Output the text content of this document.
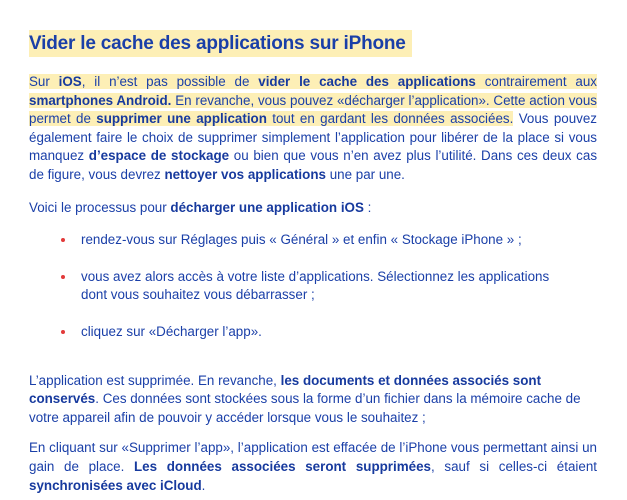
Vider le cache des applications sur iPhone

Sur iOS, il n’est pas possible de vider le cache des applications contrairement aux smartphones Android. En revanche, vous pouvez «décharger l’application». Cette action vous permet de supprimer une application tout en gardant les données associées. Vous pouvez également faire le choix de supprimer simplement l’application pour libérer de la place si vous manquez d’espace de stockage ou bien que vous n’en avez plus l’utilité. Dans ces deux cas de figure, vous devrez nettoyer vos applications une par une.

Voici le processus pour décharger une application iOS :

rendez-vous sur Réglages puis « Général » et enfin « Stockage iPhone » ;
vous avez alors accès à votre liste d’applications. Sélectionnez les applications dont vous souhaitez vous débarrasser ;
cliquez sur «Décharger l’app».

L’application est supprimée. En revanche, les documents et données associés sont conservés. Ces données sont stockées sous la forme d’un fichier dans la mémoire cache de votre appareil afin de pouvoir y accéder lorsque vous le souhaitez ;

En cliquant sur «Supprimer l’app», l’application est effacée de l’iPhone vous permettant ainsi un gain de place. Les données associées seront supprimées, sauf si celles-ci étaient synchronisées avec iCloud.
